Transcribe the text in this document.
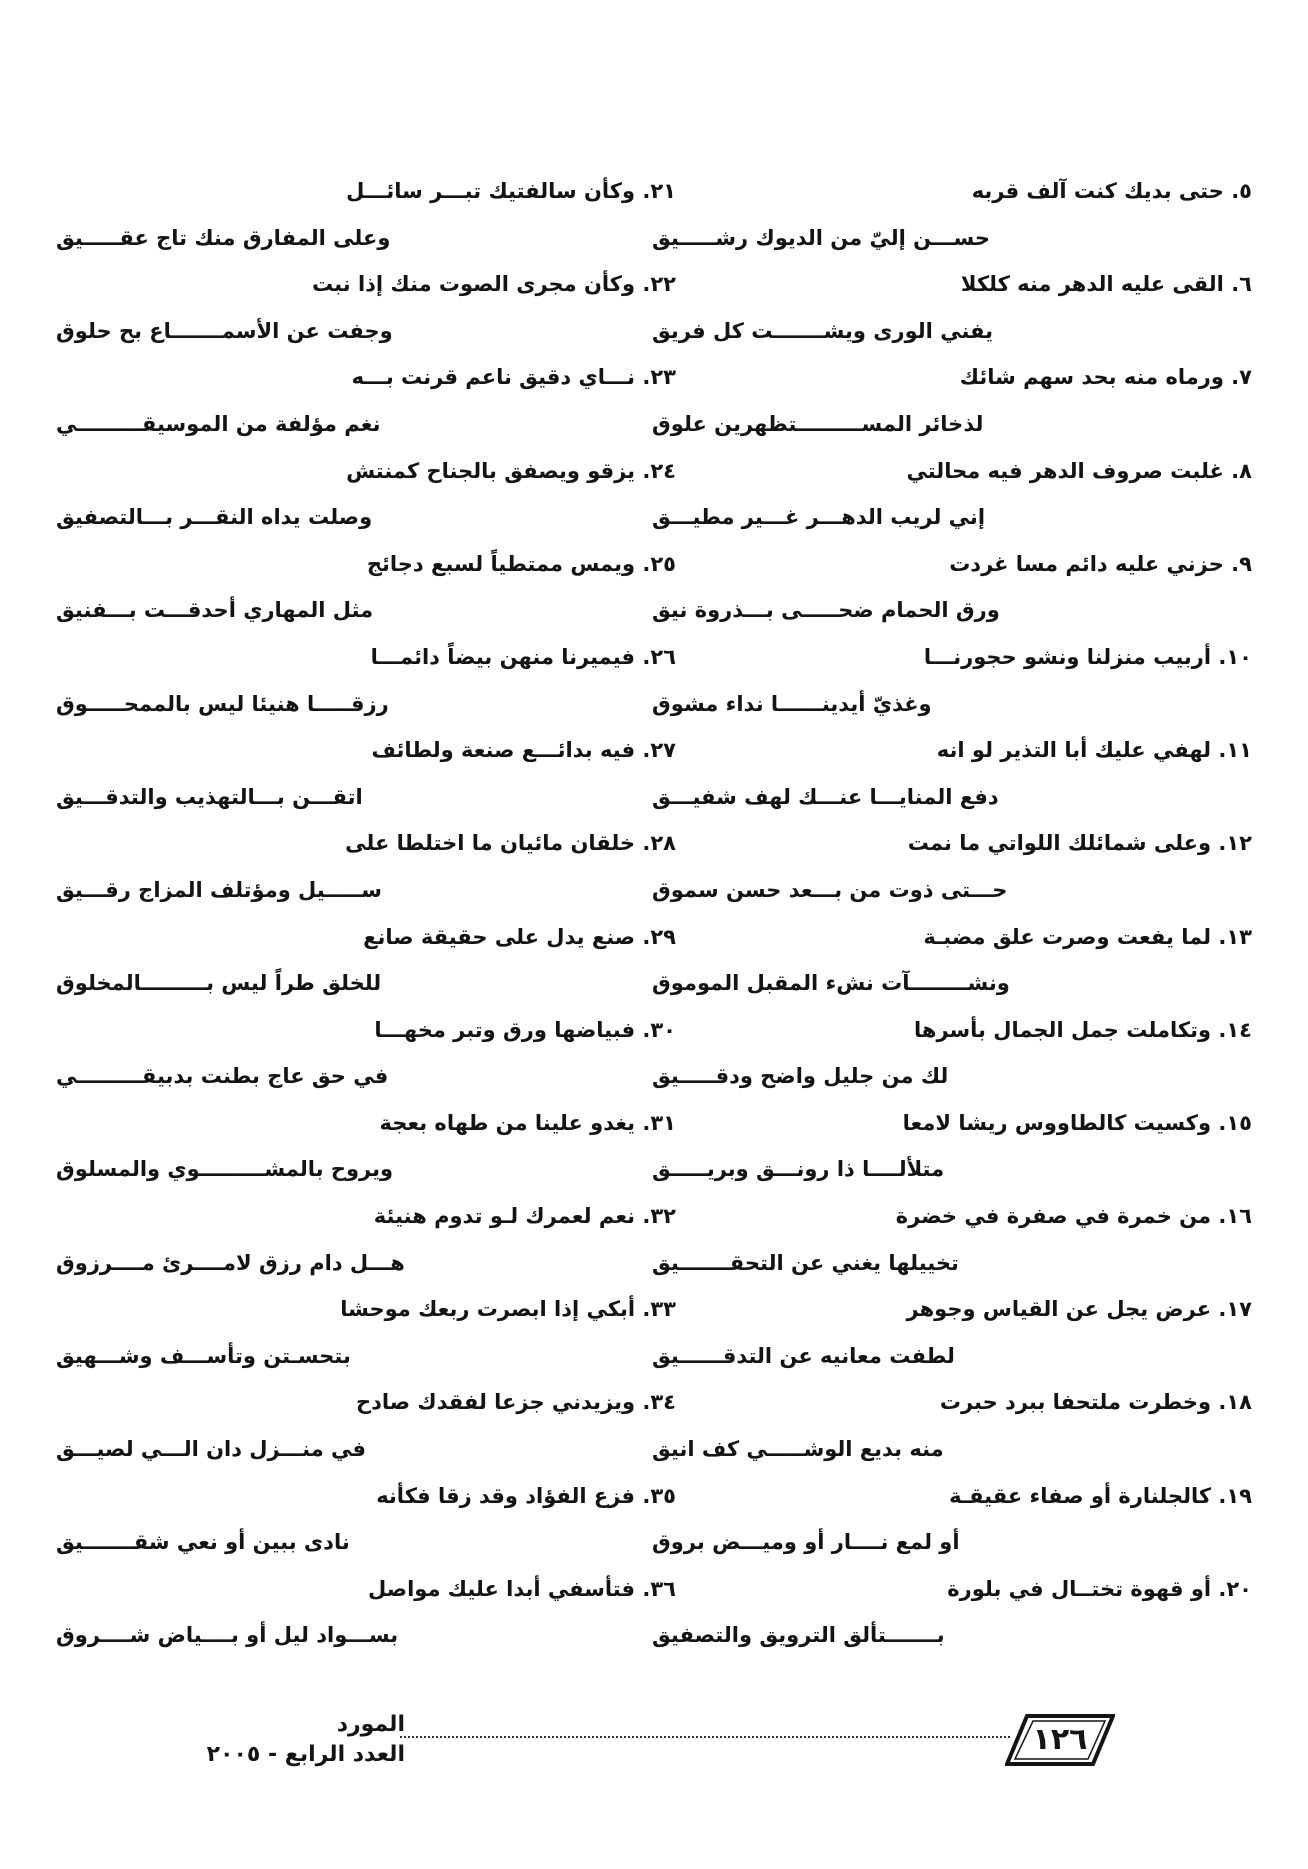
٥. حتى بديك كنت آلف قربه
حســـن إليّ من الديوك رشـــــيق
٦. القى عليه الدهر منه كلكلا
يفني الورى ويشـــــــت كل فريق
٧. ورماه منه بحد سهم شائك
لذخائر المســـــــــتظهرين علوق
٨. غلبت صروف الدهر فيه محالتي
إني لريب الدهـــر غـــير مطيـــق
٩. حزني عليه دائم مسا غردت
ورق الحمام ضحـــــى بـــذروة نيق
١٠. أربيب منزلنا ونشو حجورنـــا
وغذيّ أيدينــــــا نداء مشوق
١١. لهفي عليك أبا التذير لو انه
دفع المنايـــا عنـــك لهف شفيـــق
١٢. وعلى شمائلك اللواتي ما نمت
حـــتى ذوت من بـــعد حسن سموق
١٣. لما يفعت وصرت علق مضبـة
ونشــــــــآت نشء المقبل الموموق
١٤. وتكاملت جمل الجمال بأسرها
لك من جليل واضح ودقـــــيق
١٥. وكسيت كالطاووس ريشا لامعا
متلألــــا ذا رونـــق وبريـــــق
١٦. من خمرة في صفرة في خضرة
تخييلها يغني عن التحقـــــــيق
١٧. عرض يجل عن القياس وجوهر
لطفت معانيه عن التدقــــــيق
١٨. وخطرت ملتحفا ببرد حبرت
منه بديع الوشـــــي كف انيق
١٩. كالجلنارة أو صفاء عقيقـة
أو لمع نــــار أو وميـــض بروق
٢٠. أو قهوة تختــال في بلورة
بـــــــتألق الترويق والتصفيق
٢١. وكأن سالفتيك تبـــر سائـــل
وعلى المفارق منك تاج عقـــــيق
٢٢. وكأن مجرى الصوت منك إذا نبت
وجفت عن الأسمـــــــاع بح حلوق
٢٣. نـــاي دقيق ناعم قرنت بـــه
نغم مؤلفة من الموسيقـــــــــي
٢٤. يزقو ويصفق بالجناح كمنتش
وصلت يداه النقـــر بـــالتصفيق
٢٥. ويمس ممتطياً لسبع دجائج
مثل المهاري أحدقـــت بـــفنيق
٢٦. فيميرنا منهن بيضاً دائمـــا
رزقـــــا هنيئا ليس بالممحـــــوق
٢٧. فيه بدائـــع صنعة ولطائف
اتقـــن بـــالتهذيب والتدقـــيق
٢٨. خلقان مائيان ما اختلطا على
ســـــيل ومؤتلف المزاج رقـــيق
٢٩. صنع يدل على حقيقة صانع
للخلق طراً ليس بـــــــــالمخلوق
٣٠. فبياضها ورق وتبر مخهـــا
في حق عاج بطنت بدبيقـــــــــي
٣١. يغدو علينا من طهاه بعجة
ويروح بالمشـــــــــوي والمسلوق
٣٢. نعم لعمرك لـو تدوم هنيئة
هـــل دام رزق لامــــرئ مــــرزوق
٣٣. أبكي إذا ابصرت ربعك موحشا
بتحسـتن وتأســـف وشـــهيق
٣٤. ويزيدني جزعا لفقدك صادح
في منـــزل دان الـــي لصيـــق
٣٥. فزع الفؤاد وقد زقا فكأنه
نادى ببين أو نعي شقـــــــيق
٣٦. فتأسفي أبدا عليك مواصل
بســـواد ليل أو بــــياض شــــروق
المورد
العدد الرابع - ٢٠٠٥	١٢٦
